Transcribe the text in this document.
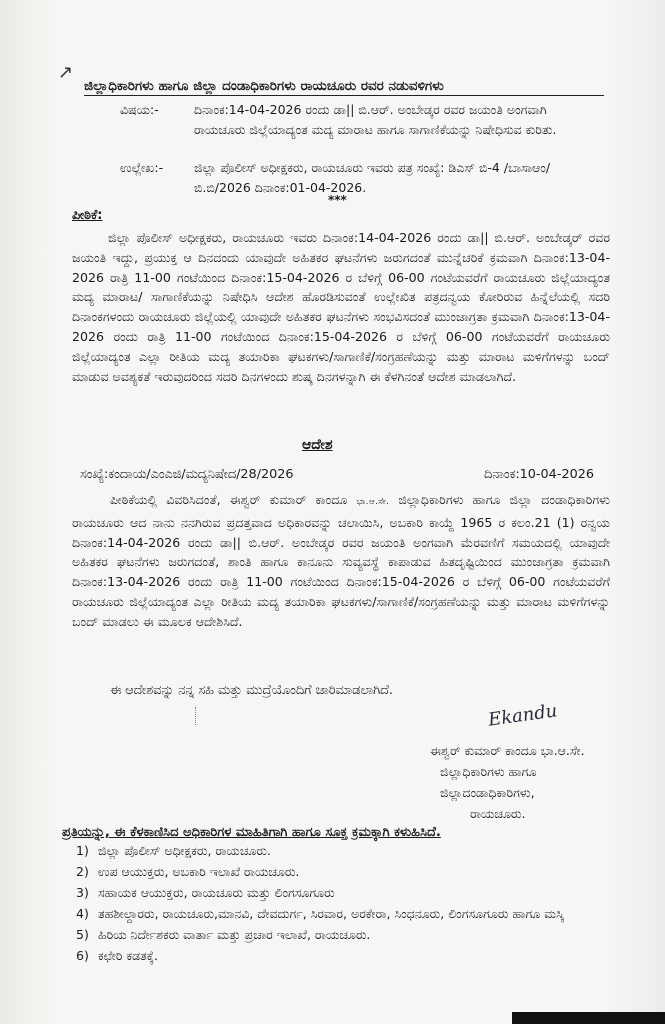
↗
ಜಿಲ್ಲಾಧಿಕಾರಿಗಳು ಹಾಗೂ ಜಿಲ್ಲಾ ದಂಡಾಧಿಕಾರಿಗಳು ರಾಯಚೂರು ರವರ ನಡುವಳಿಗಳು
ವಿಷಯ:-	ದಿನಾಂಕ:14-04-2026 ರಂದು ಡಾ|| ಬಿ.ಆರ್. ಅಂಬೇಡ್ಕರ ರವರ ಜಯಂತಿ ಅಂಗವಾಗಿ ರಾಯಚೂರು ಜಿಲ್ಲೆಯಾದ್ಯಂತ ಮದ್ಯ ಮಾರಾಟ ಹಾಗೂ ಸಾಗಾಣಿಕೆಯನ್ನು ನಿಷೇಧಿಸುವ ಕುರಿತು.
ಉಲ್ಲೇಖ:- ಜಿಲ್ಲಾ ಪೊಲೀಸ್ ಅಧೀಕ್ಷಕರು, ರಾಯಚೂರು ಇವರು ಪತ್ರ ಸಂಖ್ಯೆ: ಡಿಎಸ್ ಬಿ-4 /ಬಾಸಾಆಂ/ಬಿ.ಬಿ/2026 ದಿನಾಂಕ:01-04-2026.
***
ಪೀಠಿಕೆ:
ಜಿಲ್ಲಾ ಪೊಲೀಸ್ ಅಧೀಕ್ಷಕರು, ರಾಯಚೂರು ಇವರು ದಿನಾಂಕ:14-04-2026 ರಂದು ಡಾ|| ಬಿ.ಆರ್. ಅಂಬೇಡ್ಕರ್ ರವರ ಜಯಂತಿ ಇದ್ದು, ಪ್ರಯುಕ್ತ ಆ ದಿನದಂದು ಯಾವುದೇ ಅಹಿತಕರ ಘಟನೆಗಳು ಜರುಗದಂತೆ ಮುನ್ನೆಚರಿಕೆ ಕ್ರಮವಾಗಿ ದಿನಾಂಕ:13-04-2026 ರಾತ್ರಿ 11-00 ಗಂಟೆಯಿಂದ ದಿನಾಂಕ:15-04-2026 ರ ಬೆಳಿಗ್ಗೆ 06-00 ಗಂಟೆಯವರೆಗೆ ರಾಯಚೂರು ಜಿಲ್ಲೆಯಾದ್ಯಂತ ಮದ್ಯ ಮಾರಾಟ/ ಸಾಗಾಣಿಕೆಯನ್ನು ನಿಷೇಧಿಸಿ ಆದೇಶ ಹೊರಡಿಸುವಂತೆ ಉಲ್ಲೇಖಿತ ಪತ್ರದನ್ವಯ ಕೋರಿರುವ ಹಿನ್ನೆಲೆಯಲ್ಲಿ ಸದರಿ ದಿನಾಂಕಗಳಂದು ರಾಯಚೂರು ಜಿಲ್ಲೆಯಲ್ಲಿ ಯಾವುದೇ ಅಹಿತಕರ ಘಟನೆಗಳು ಸಂಭವಿಸದಂತೆ ಮುಂಜಾಗ್ರತಾ ಕ್ರಮವಾಗಿ ದಿನಾಂಕ:13-04-2026 ರಂದು ರಾತ್ರಿ 11-00 ಗಂಟೆಯಿಂದ ದಿನಾಂಕ:15-04-2026 ರ ಬೆಳಿಗ್ಗೆ 06-00 ಗಂಟೆಯವರೆಗೆ ರಾಯಚೂರು ಜಿಲ್ಲೆಯಾದ್ಯಂತ ಎಲ್ಲಾ ರೀತಿಯ ಮದ್ಯ ತಯಾರಿಕಾ ಘಟಕಗಳು/ಸಾಗಾಣಿಕೆ/ಸಂಗ್ರಹಣೆಯನ್ನು ಮತ್ತು ಮಾರಾಟ ಮಳಿಗೆಗಳನ್ನು ಬಂದ್ ಮಾಡುವ ಅವಶ್ಯಕತೆ ಇರುವುದರಿಂದ ಸದರಿ ದಿನಗಳಂದು ಶುಷ್ಕ ದಿನಗಳನ್ನಾಗಿ ಈ ಕೆಳಗಿನಂತೆ ಆದೇಶ ಮಾಡಲಾಗಿದೆ.
ಆದೇಶ
ಸಂಖ್ಯೆ:ಕಂದಾಯ/ಎಂಎಜಿ/ಮದ್ಯನಿಷೇದ/28/2026	ದಿನಾಂಕ:10-04-2026
ಪೀಠಿಕೆಯಲ್ಲಿ ವಿವರಿಸಿದಂತೆ, ಈಶ್ವರ್ ಕುಮಾರ್ ಕಾಂದೂ ಭಾ.ಆ.ಸೇ. ಜಿಲ್ಲಾಧಿಕಾರಿಗಳು ಹಾಗೂ ಜಿಲ್ಲಾ ದಂಡಾಧಿಕಾರಿಗಳು ರಾಯಚೂರು ಆದ ನಾನು ನನಗಿರುವ ಪ್ರದತ್ತವಾದ ಅಧಿಕಾರವನ್ನು ಚಲಾಯಿಸಿ, ಅಬಕಾರಿ ಕಾಯ್ದೆ 1965 ರ ಕಲಂ.21 (1) ರನ್ವಯ ದಿನಾಂಕ:14-04-2026 ರಂದು ಡಾ|| ಬಿ.ಆರ್. ಅಂಬೇಡ್ಕರ ರವರ ಜಯಂತಿ ಅಂಗವಾಗಿ ಮೆರವಣಿಗೆ ಸಮಯದಲ್ಲಿ ಯಾವುದೇ ಅಹಿತಕರ ಘಟನೆಗಳು ಜರುಗದಂತೆ, ಶಾಂತಿ ಹಾಗೂ ಕಾನೂನು ಸುವ್ಯವಸ್ಥೆ ಕಾಪಾಡುವ ಹಿತದೃಷ್ಟಿಯಿಂದ ಮುಂಜಾಗ್ರತಾ ಕ್ರಮವಾಗಿ ದಿನಾಂಕ:13-04-2026 ರಂದು ರಾತ್ರಿ 11-00 ಗಂಟೆಯಿಂದ ದಿನಾಂಕ:15-04-2026 ರ ಬೆಳಿಗ್ಗೆ 06-00 ಗಂಟೆಯವರೆಗೆ ರಾಯಚೂರು ಜಿಲ್ಲೆಯಾದ್ಯಂತ ಎಲ್ಲಾ ರೀತಿಯ ಮದ್ಯ ತಯಾರಿಕಾ ಘಟಕಗಳು/ಸಾಗಾಣಿಕೆ/ಸಂಗ್ರಹಣೆಯನ್ನು ಮತ್ತು ಮಾರಾಟ ಮಳಿಗೆಗಳನ್ನು ಬಂದ್ ಮಾಡಲು ಈ ಮೂಲಕ ಆದೇಶಿಸಿದೆ.
ಈ ಆದೇಶವನ್ನು ನನ್ನ ಸಹಿ ಮತ್ತು ಮುದ್ರೆಯೊಂದಿಗೆ ಜಾರಿಮಾಡಲಾಗಿದೆ.
Ekandu
ಈಶ್ವರ್ ಕುಮಾರ್ ಕಾಂದೂ ಭಾ.ಆ.ಸೇ.
ಜಿಲ್ಲಾಧಿಕಾರಿಗಳು ಹಾಗೂ
ಜಿಲ್ಲಾದಂಡಾಧಿಕಾರಿಗಳು,
ರಾಯಚೂರು.
ಪ್ರತಿಯನ್ನು, ಈ ಕೆಳಕಾಣಿಸಿದ ಅಧಿಕಾರಿಗಳ ಮಾಹಿತಿಗಾಗಿ ಹಾಗೂ ಸೂಕ್ತ ಕ್ರಮಕ್ಕಾಗಿ ಕಳುಹಿಸಿದೆ.
1) ಜಿಲ್ಲಾ ಪೊಲೀಸ್ ಅಧೀಕ್ಷಕರು, ರಾಯಚೂರು.
2) ಉಪ ಆಯುಕ್ತರು, ಅಬಕಾರಿ ಇಲಾಖೆ ರಾಯಚೂರು.
3) ಸಹಾಯಕ ಆಯುಕ್ತರು, ರಾಯಚೂರು ಮತ್ತು ಲಿಂಗಸೂಗೂರು
4) ತಹಶೀಲ್ದಾರರು, ರಾಯಚೂರು,ಮಾನವಿ, ದೇವದುರ್ಗ, ಸಿರವಾರ, ಅರಕೇರಾ, ಸಿಂಧನೂರು, ಲಿಂಗಸೂಗೂರು ಹಾಗೂ ಮಸ್ಕಿ
5) ಹಿರಿಯ ನಿರ್ದೇಶಕರು ವಾರ್ತಾ ಮತ್ತು ಪ್ರಚಾರ ಇಲಾಖೆ, ರಾಯಚೂರು.
6) ಕಛೇರಿ ಕಡತಕ್ಕೆ.
